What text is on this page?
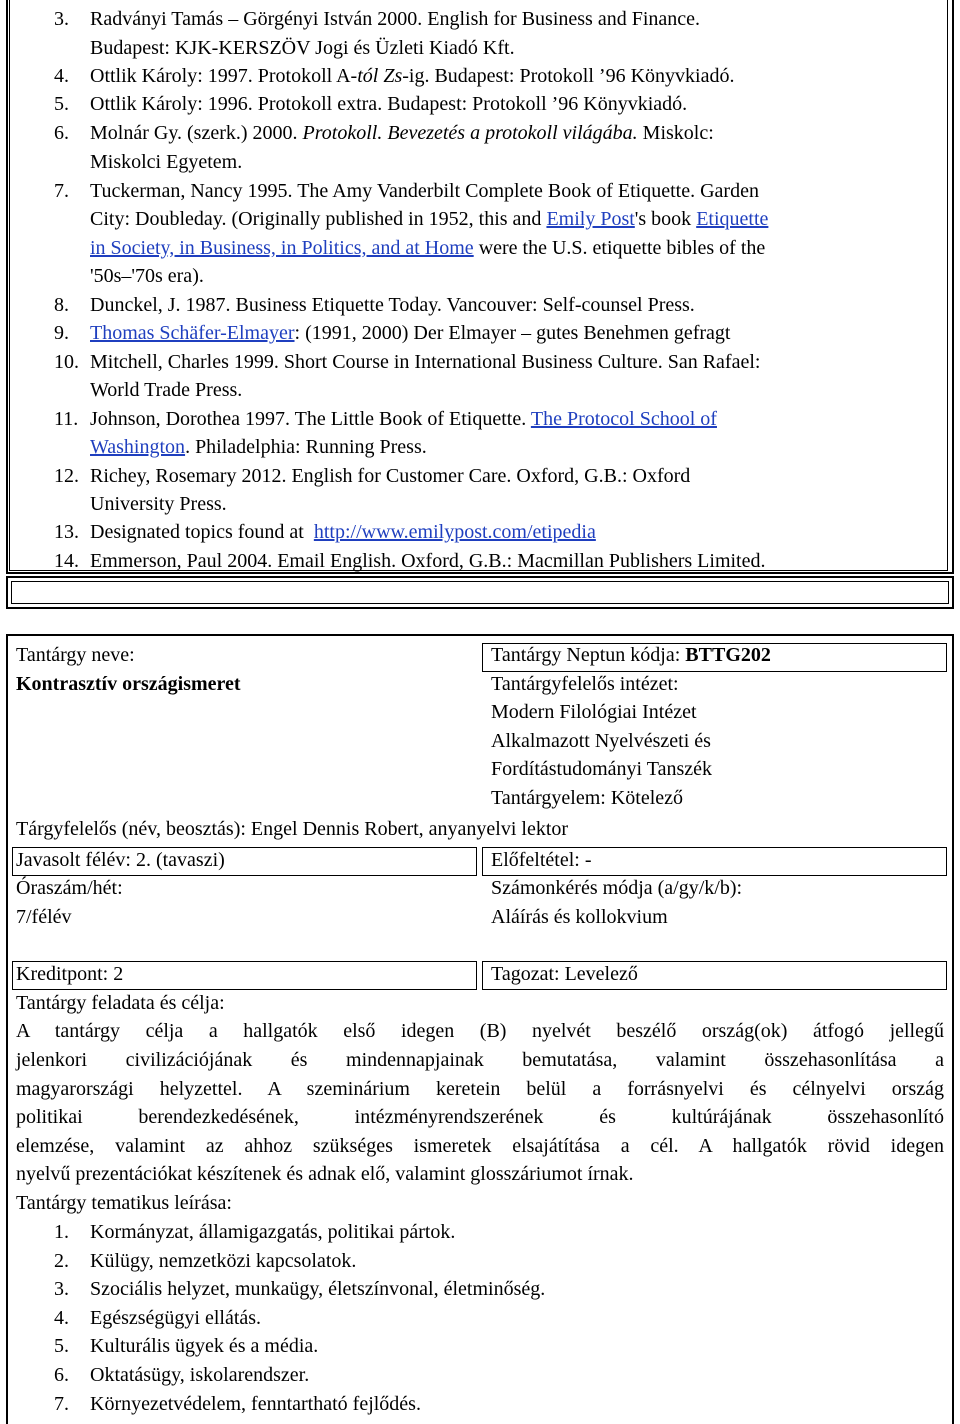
3. Radványi Tamás – Görgényi István 2000. English for Business and Finance.
Budapest: KJK-KERSZÖV Jogi és Üzleti Kiadó Kft.
4. Ottlik Károly: 1997. Protokoll A-tól Zs-ig. Budapest: Protokoll ’96 Könyvkiadó.
5. Ottlik Károly: 1996. Protokoll extra. Budapest: Protokoll ’96 Könyvkiadó.
6. Molnár Gy. (szerk.) 2000. Protokoll. Bevezetés a protokoll világába. Miskolc:
Miskolci Egyetem.
7. Tuckerman, Nancy 1995. The Amy Vanderbilt Complete Book of Etiquette. Garden
City: Doubleday. (Originally published in 1952, this and Emily Post's book Etiquette
in Society, in Business, in Politics, and at Home were the U.S. etiquette bibles of the
'50s–'70s era).
8. Dunckel, J. 1987. Business Etiquette Today. Vancouver: Self-counsel Press.
9. Thomas Schäfer-Elmayer: (1991, 2000) Der Elmayer – gutes Benehmen gefragt
10. Mitchell, Charles 1999. Short Course in International Business Culture. San Rafael:
World Trade Press.
11. Johnson, Dorothea 1997. The Little Book of Etiquette. The Protocol School of
Washington. Philadelphia: Running Press.
12. Richey, Rosemary 2012. English for Customer Care. Oxford, G.B.: Oxford
University Press.
13. Designated topics found at  http://www.emilypost.com/etipedia
14. Emmerson, Paul 2004. Email English. Oxford, G.B.: Macmillan Publishers Limited.
Tantárgy neve:
Kontrasztív országismeret
Tantárgy Neptun kódja: BTTG202
Tantárgyfelelős intézet:
Modern Filológiai Intézet
Alkalmazott Nyelvészeti és
Fordítástudományi Tanszék
Tantárgyelem: Kötelező
Tárgyfelelős (név, beosztás): Engel Dennis Robert, anyanyelvi lektor
Javasolt félév: 2. (tavaszi)	Előfeltétel: -
Óraszám/hét:
7/félév
Számonkérés módja (a/gy/k/b):
Aláírás és kollokvium
Kreditpont: 2	Tagozat: Levelező
Tantárgy feladata és célja:
A tantárgy célja a hallgatók első idegen (B) nyelvét beszélő ország(ok) átfogó jellegű
jelenkori civilizációjának és mindennapjainak bemutatása, valamint összehasonlítása a
magyarországi helyzettel. A szeminárium keretein belül a forrásnyelvi és célnyelvi ország
politikai berendezkedésének, intézményrendszerének és kultúrájának összehasonlító
elemzése, valamint az ahhoz szükséges ismeretek elsajátítása a cél. A hallgatók rövid idegen
nyelvű prezentációkat készítenek és adnak elő, valamint glosszáriumot írnak.
Tantárgy tematikus leírása:
1. Kormányzat, államigazgatás, politikai pártok.
2. Külügy, nemzetközi kapcsolatok.
3. Szociális helyzet, munkaügy, életszínvonal, életminőség.
4. Egészségügyi ellátás.
5. Kulturális ügyek és a média.
6. Oktatásügy, iskolarendszer.
7. Környezetvédelem, fenntartható fejlődés.
